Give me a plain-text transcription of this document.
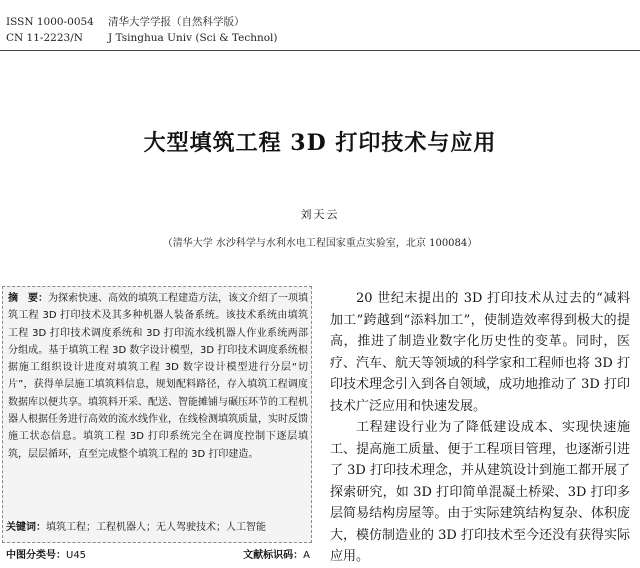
ISSN 1000-0054
CN 11-2223/N
清华大学学报（自然科学版）
J Tsinghua Univ (Sci & Technol)
大型填筑工程 3D 打印技术与应用
刘天云
（清华大学 水沙科学与水利水电工程国家重点实验室，北京 100084）
摘　要：为探索快速、高效的填筑工程建造方法，该文介绍了一项填筑工程 3D 打印技术及其多种机器人装备系统。该技术系统由填筑工程 3D 打印技术调度系统和 3D 打印流水线机器人作业系统两部分组成。基于填筑工程 3D 数字设计模型，3D 打印技术调度系统根据施工组织设计进度对填筑工程 3D 数字设计模型进行分层“切片”，获得单层施工填筑料信息，规划配料路径，存入填筑工程调度数据库以便共享。填筑料开采、配送、智能摊铺与碾压环节的工程机器人根据任务进行高效的流水线作业，在线检测填筑质量，实时反馈施工状态信息。填筑工程 3D 打印系统完全在调度控制下逐层填筑，层层循环，直至完成整个填筑工程的 3D 打印建造。
关键词：填筑工程；工程机器人；无人驾驶技术；人工智能
中图分类号：U45	文献标识码：A

20 世纪末提出的 3D 打印技术从过去的“减料加工”跨越到“添料加工”，使制造效率得到极大的提高，推进了制造业数字化历史性的变革。同时，医疗、汽车、航天等领域的科学家和工程师也将 3D 打印技术理念引入到各自领域，成功地推动了 3D 打印技术广泛应用和快速发展。

工程建设行业为了降低建设成本、实现快速施工、提高施工质量、便于工程项目管理，也逐渐引进了 3D 打印技术理念，并从建筑设计到施工都开展了探索研究，如 3D 打印简单混凝土桥梁、3D 打印多层简易结构房屋等。由于实际建筑结构复杂、体积庞大，模仿制造业的 3D 打印技术至今还没有获得实际应用。
